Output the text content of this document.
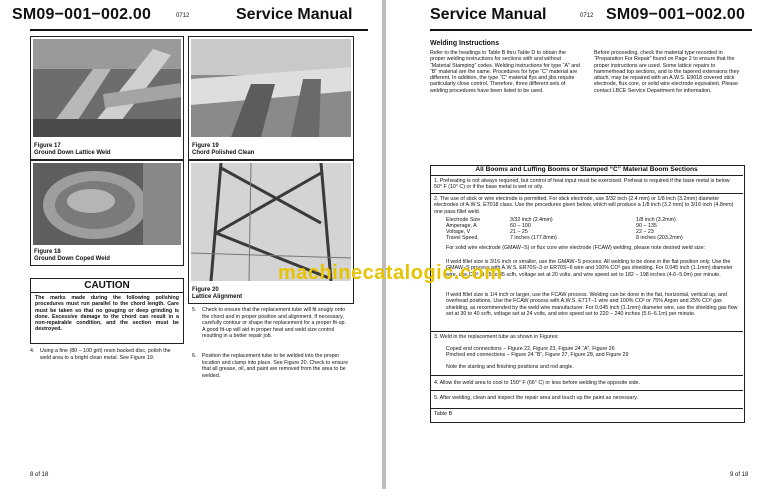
SM09−001−002.00	0712	Service Manual
Figure 17
Ground Down Lattice Weld
Figure 19
Chord Polished Clean
Figure 18
Ground Down Coped Weld
Figure 20
Lattice Alignment
CAUTION
The marks made during the following polishing procedures must run parallel to the chord length. Care must be taken so that no gouging or deep grinding is done. Excessive damage to the chord can result in a non-repairable condition, and the section must be destroyed.
4. Using a fine (80 − 100 grit) resin backed disc, polish the weld area to a bright clean metal. See Figure 19.
5. Check to ensure that the replacement tube will fit snugly onto the chord and in proper position and alignment. If necessary, carefully contour or shape the replacement for a proper fit-up. A good fit-up will aid in proper heat and weld size control resulting in a better repair job.
6. Position the replacement tube to be welded into the proper location and clamp into place. See Figure 20. Check to ensure that all grease, oil, and paint are removed from the area to be welded.
8 of 18
Service Manual	0712 SM09−001−002.00
Welding Instructions
Refer to the headings in Table B thru Table D to obtain the proper welding instructions for sections with and without “Material Stamping” codes. Welding instructions for type “A” and “B” material are the same. Procedures for type “C” material are different. In addition, the type “C” material flys and jibs require particularly close control. Therefore, three different sets of welding procedures have been listed to be used.
Before proceeding, check the material type recorded in “Preparation For Repair” found on Page 2 to ensure that the proper instructions are used. Some lattice repairs to hammerhead top sections, and to the tapered extensions they attach, may be repaired with an A.W.S. E9018 covered stick electrode, flux core, or solid wire electrode equivalent. Please contact LBCE Service Department for information.
All Booms and Luffing Booms or Stamped “C” Material Boom Sections
1. Preheating is not always required, but control of heat input must be exercised. Preheat is required if the base metal is below 50° F (10° C) or if the base metal is wet or oily.
2. The use of stick or wire electrode is permitted. For stick electrode, use 3/32 inch (2.4 mm) or 1/8 inch (3.2mm) diameter electrodes of A.W.S. E7018 class. Use the procedures given below, which will produce a 1/8 inch (3.2 mm) to 3/16 inch (4.8mm) one pass fillet weld.
Electrode Size	3/32 inch (2.4mm)	1/8 inch (3.2mm)
Amperage, A	60 − 100	90 − 135
Voltage, V	21 − 25	22 − 23
Travel Speed,	7 inches (177.8mm)	8 inches (203.2mm)
For solid wire electrode (GMAW−S) or flux core wire electrode (FCAW) welding, please note desired weld size:
If weld fillet size is 3/16 inch or smaller, use the GMAW−S process. All welding to be done in the flat position only. Use the GMAW−S process with A.W.S. ER70S−3 or ER70S−6 wire and 100% CO² gas shielding. For 0.045 inch (1.1mm) diameter wire, use CO² at 25 to 35 scfh, voltage set at 20 volts, and wire speed set to 182 − 198 inches (4.6−5.0m) per minute.
If weld fillet size is 1/4 inch or larger, use the FCAW process. Welding can be done in the flat, horizontal, vertical up, and overhead positions. Use the FCAW process with A.W.S. E71T−1 wire and 100% CO² or 75% Argon and 25% CO² gas shielding, as recommended by the weld wire manufacturer. For 0.045 inch (1.1mm) diameter wire, use the shielding gas flow set at 30 to 40 scfh, voltage set at 24 volts, and wire speed set to 220 − 240 inches (5.6−6.1m) per minute.
3. Weld in the replacement tube as shown in Figures:
Coped end connections − Figure 22, Figure 23, Figure 24 “A”, Figure 26
Pinched end connections − Figure 24 “B”, Figure 27, Figure 28, and Figure 29
Note the starting and finishing positions and rod angle.
4. Allow the weld area to cool to 150° F (66° C) or less before welding the opposite side.
5. After welding, clean and inspect the repair area and touch up the paint as necessary.
Table B
9 of 18
machinecatalogic.com
